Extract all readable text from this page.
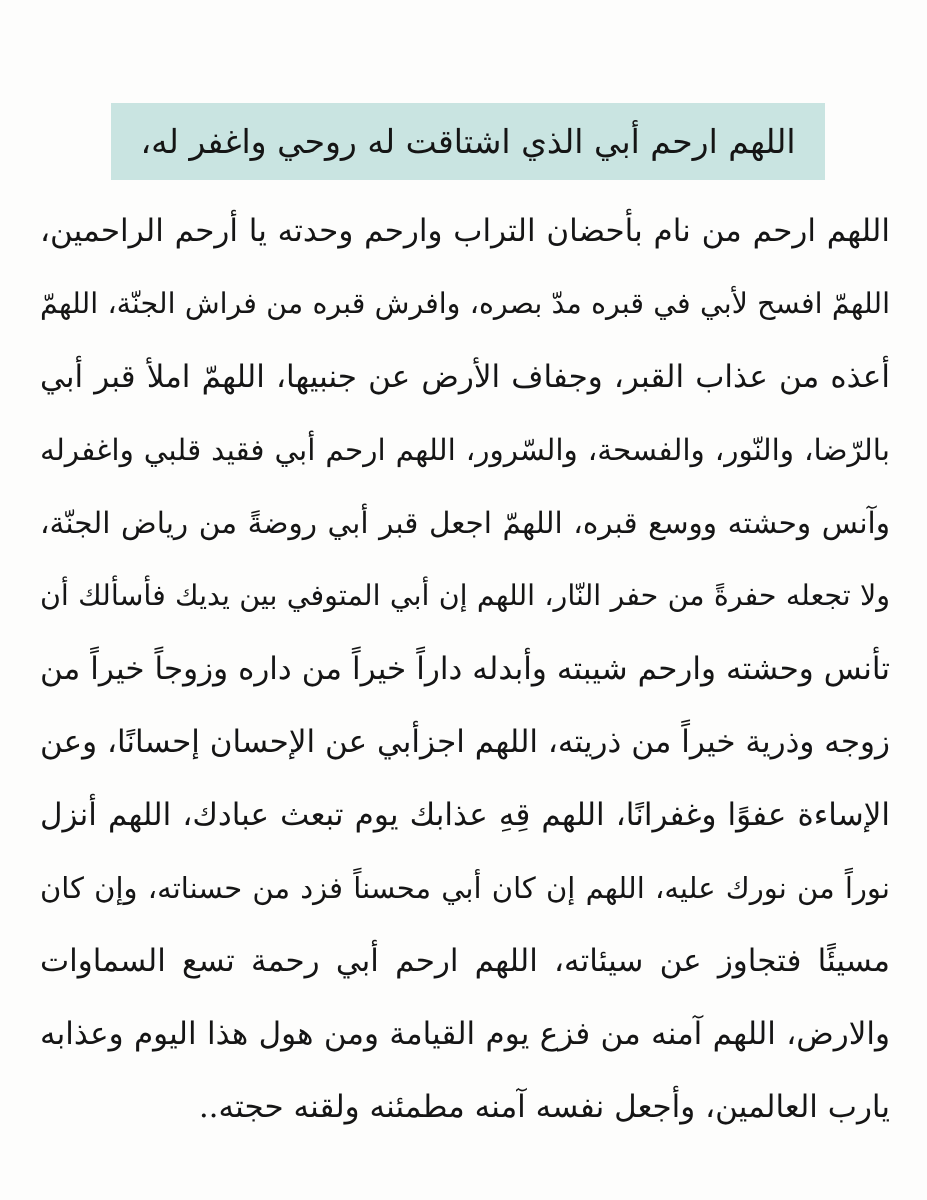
اللهم ارحم أبي الذي اشتاقت له روحي واغفر له،
اللهم ارحم من نام بأحضان التراب وارحم وحدته يا أرحم الراحمين،
اللهمّ افسح لأبي في قبره مدّ بصره، وافرش قبره من فراش الجنّة، اللهمّ
أعذه من عذاب القبر، وجفاف الأرض عن جنبيها، اللهمّ املأ قبر أبي
بالرّضا، والنّور، والفسحة، والسّرور، اللهم ارحم أبي فقيد قلبي واغفرله
وآنس وحشته ووسع قبره، اللهمّ اجعل قبر أبي روضةً من رياض الجنّة،
ولا تجعله حفرةً من حفر النّار، اللهم إن أبي المتوفي بين يديك فأسألك أن
تأنس وحشته وارحم شيبته وأبدله داراً خيراً من داره وزوجاً خيراً من
زوجه وذرية خيراً من ذريته، اللهم اجزأبي عن الإحسان إحسانًا، وعن
الإساءة عفوًا وغفرانًا، اللهم قِهِ عذابك يوم تبعث عبادك، اللهم أنزل
نوراً من نورك عليه، اللهم إن كان أبي محسناً فزد من حسناته، وإن كان
مسيئًا فتجاوز عن سيئاته، اللهم ارحم أبي رحمة تسع السماوات
والارض، اللهم آمنه من فزع يوم القيامة ومن هول هذا اليوم وعذابه
يارب العالمين، وأجعل نفسه آمنه مطمئنه ولقنه حجته..
